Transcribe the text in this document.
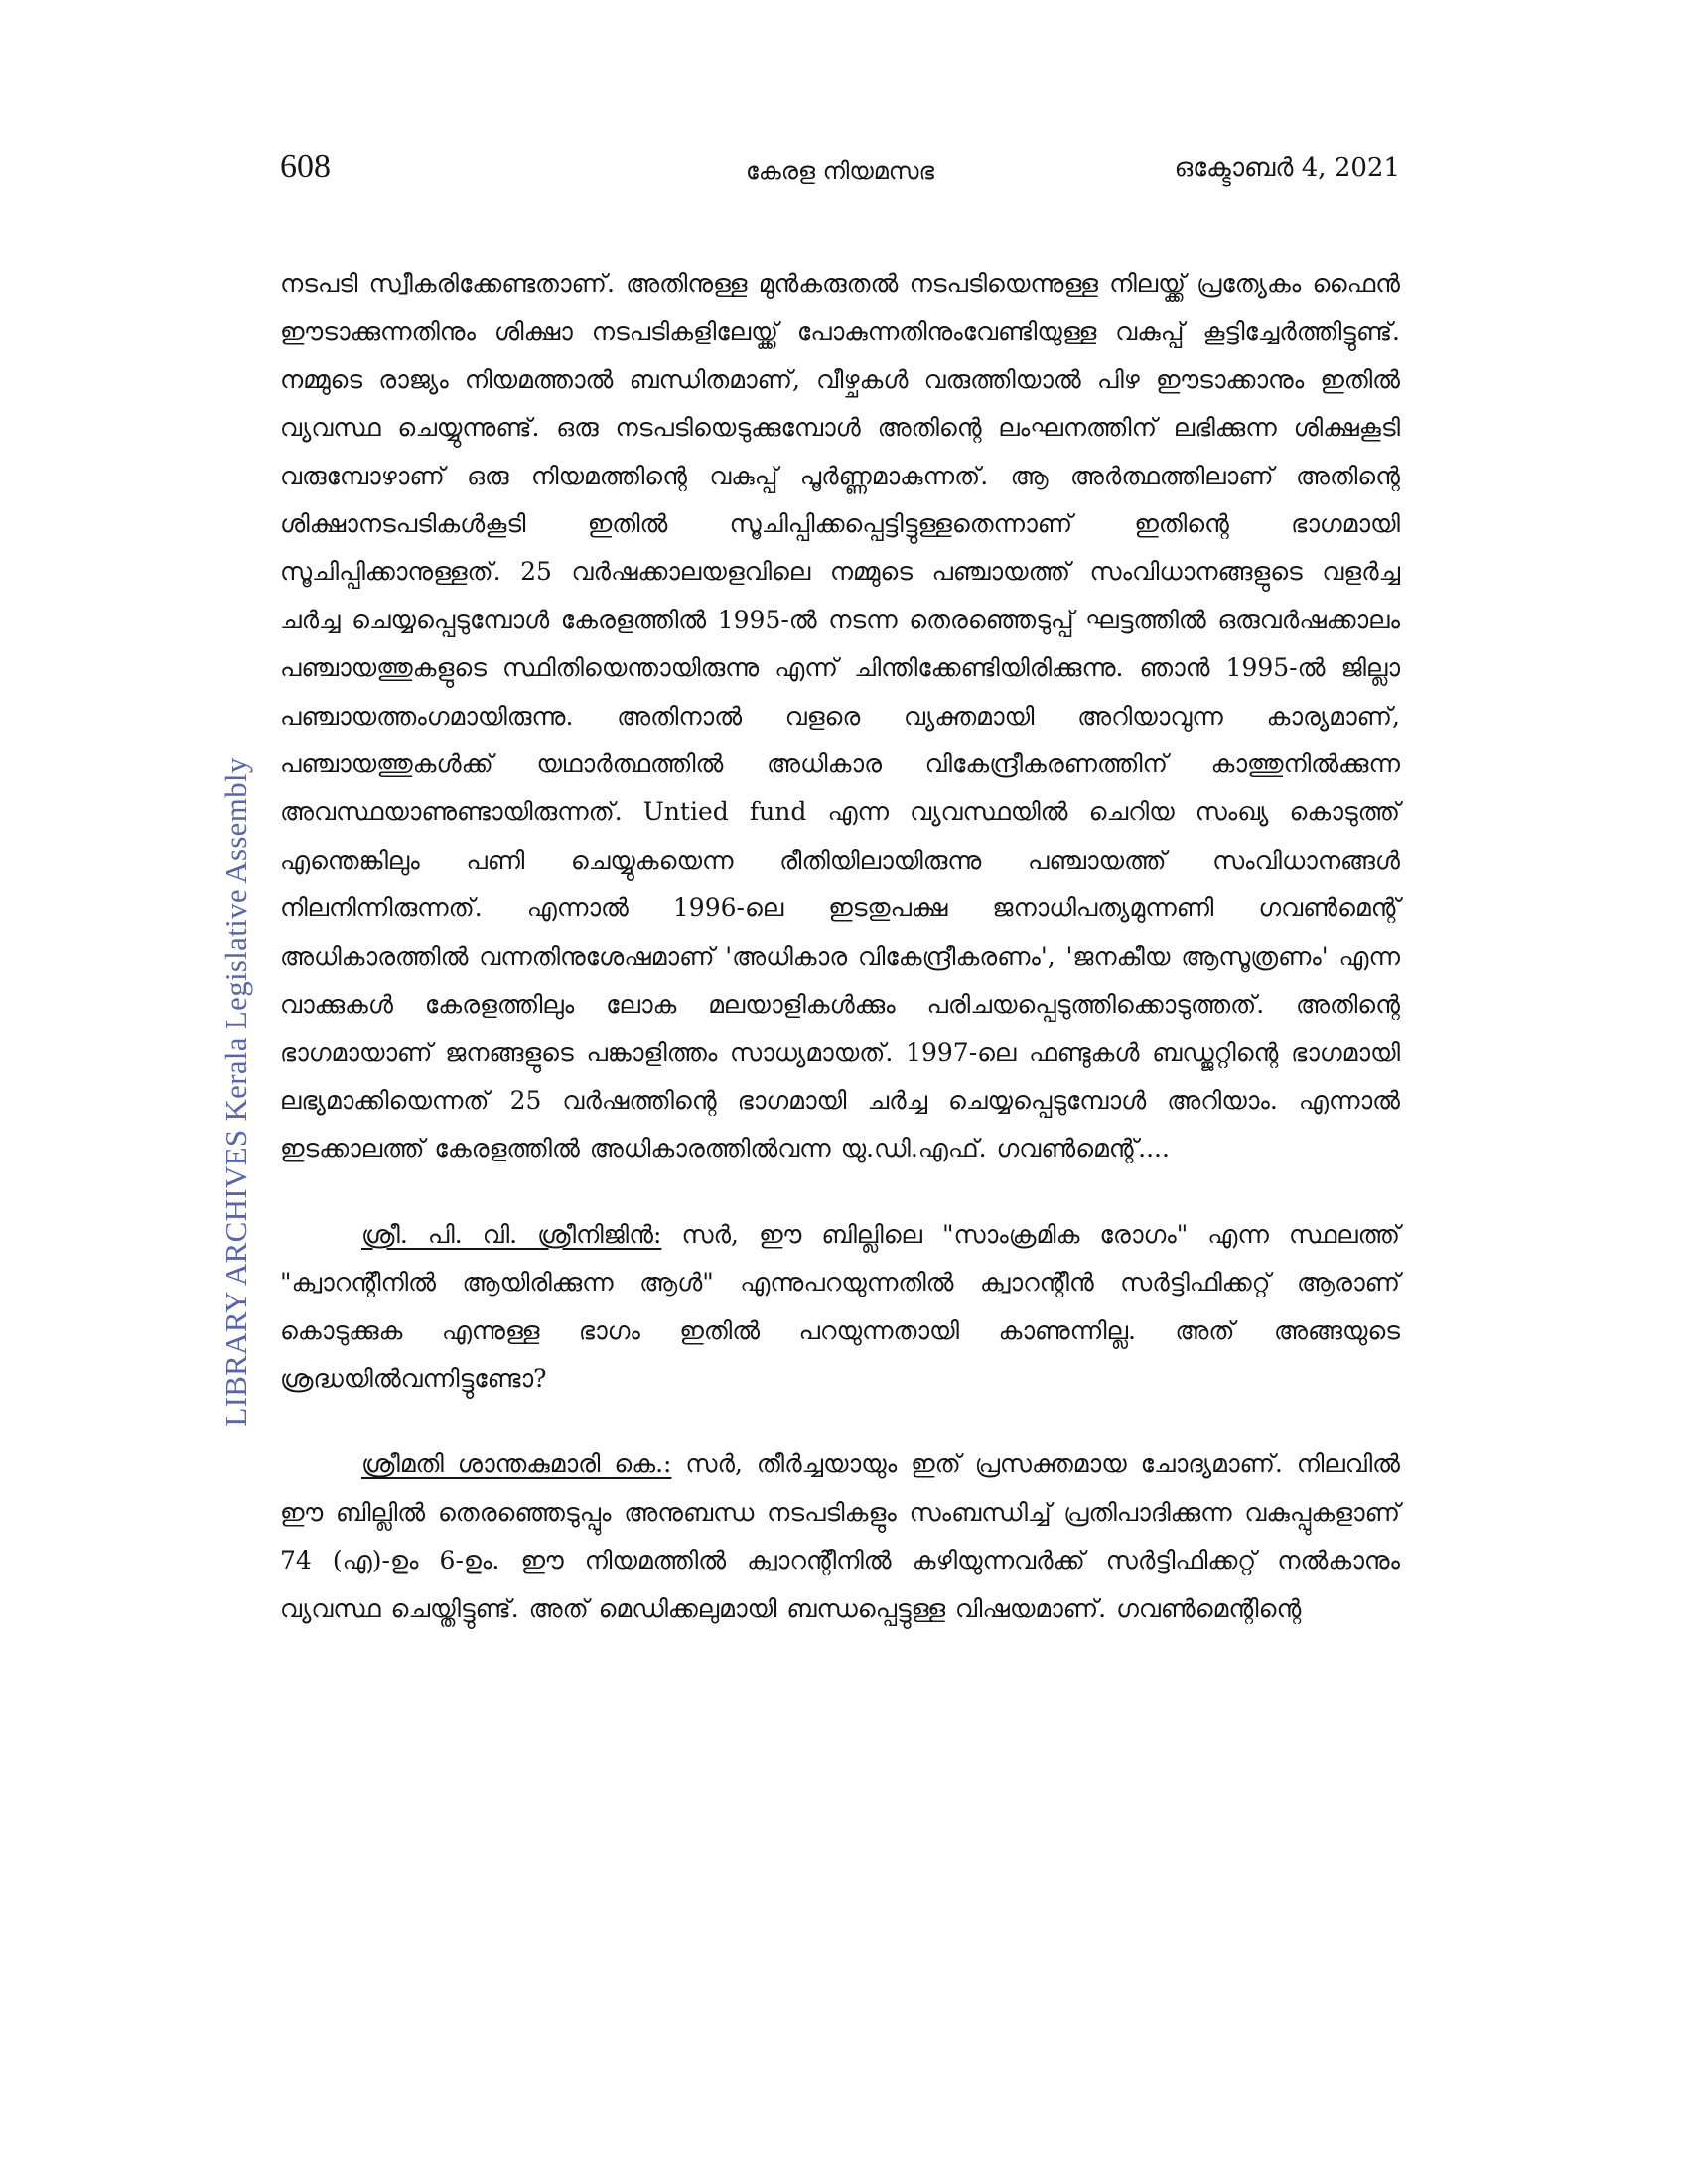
608	കേരള നിയമസഭ	ഒക്ടോബർ 4, 2021
LIBRARY ARCHIVES Kerala Legislative Assembly

നടപടി സ്വീകരിക്കേണ്ടതാണ്. അതിനുള്ള മുൻകരുതൽ നടപടിയെന്നുള്ള നിലയ്ക്ക് പ്രത്യേകം ഫൈൻ ഈടാക്കുന്നതിനും ശിക്ഷാ നടപടികളിലേയ്ക്ക് പോകുന്നതിനുംവേണ്ടിയുള്ള വകുപ്പ് കൂട്ടിച്ചേർത്തിട്ടുണ്ട്. നമ്മുടെ രാജ്യം നിയമത്താൽ ബന്ധിതമാണ്, വീഴ്ചകൾ വരുത്തിയാൽ പിഴ ഈടാക്കാനും ഇതിൽ വ്യവസ്ഥ ചെയ്യുന്നുണ്ട്. ഒരു നടപടിയെടുക്കുമ്പോൾ അതിന്റെ ലംഘനത്തിന് ലഭിക്കുന്ന ശിക്ഷകൂടി വരുമ്പോഴാണ് ഒരു നിയമത്തിന്റെ വകുപ്പ് പൂർണ്ണമാകുന്നത്. ആ അർത്ഥത്തിലാണ് അതിന്റെ ശിക്ഷാനടപടികൾകൂടി ഇതിൽ സൂചിപ്പിക്കപ്പെട്ടിട്ടുള്ളതെന്നാണ് ഇതിന്റെ ഭാഗമായി സൂചിപ്പിക്കാനുള്ളത്. 25 വർഷക്കാലയളവിലെ നമ്മുടെ പഞ്ചായത്ത് സംവിധാനങ്ങളുടെ വളർച്ച ചർച്ച ചെയ്യപ്പെടുമ്പോൾ കേരളത്തിൽ 1995-ൽ നടന്ന തെരഞ്ഞെടുപ്പ് ഘട്ടത്തിൽ ഒരുവർഷക്കാലം പഞ്ചായത്തുകളുടെ സ്ഥിതിയെന്തായിരുന്നു എന്ന് ചിന്തിക്കേണ്ടിയിരിക്കുന്നു. ഞാൻ 1995-ൽ ജില്ലാ പഞ്ചായത്തംഗമായിരുന്നു. അതിനാൽ വളരെ വ്യക്തമായി അറിയാവുന്ന കാര്യമാണ്, പഞ്ചായത്തുകൾക്ക് യഥാർത്ഥത്തിൽ അധികാര വികേന്ദ്രീകരണത്തിന് കാത്തുനിൽക്കുന്ന അവസ്ഥയാണുണ്ടായിരുന്നത്. Untied fund എന്ന വ്യവസ്ഥയിൽ ചെറിയ സംഖ്യ കൊടുത്ത് എന്തെങ്കിലും പണി ചെയ്യുകയെന്ന രീതിയിലായിരുന്നു പഞ്ചായത്ത് സംവിധാനങ്ങൾ നിലനിന്നിരുന്നത്. എന്നാൽ 1996-ലെ ഇടതുപക്ഷ ജനാധിപത്യമുന്നണി ഗവൺമെന്റ് അധികാരത്തിൽ വന്നതിനുശേഷമാണ് 'അധികാര വികേന്ദ്രീകരണം', 'ജനകീയ ആസൂത്രണം' എന്ന വാക്കുകൾ കേരളത്തിലും ലോക മലയാളികൾക്കും പരിചയപ്പെടുത്തിക്കൊടുത്തത്. അതിന്റെ ഭാഗമായാണ് ജനങ്ങളുടെ പങ്കാളിത്തം സാധ്യമായത്. 1997-ലെ ഫണ്ടുകൾ ബഡ്ജറ്റിന്റെ ഭാഗമായി ലഭ്യമാക്കിയെന്നത് 25 വർഷത്തിന്റെ ഭാഗമായി ചർച്ച ചെയ്യപ്പെടുമ്പോൾ അറിയാം. എന്നാൽ ഇടക്കാലത്ത് കേരളത്തിൽ അധികാരത്തിൽവന്ന യു.ഡി.എഫ്. ഗവൺമെന്റ്....

ശ്രീ. പി. വി. ശ്രീനിജിൻ: സർ, ഈ ബില്ലിലെ "സാംക്രമിക രോഗം" എന്ന സ്ഥലത്ത് "ക്വാറന്റീനിൽ ആയിരിക്കുന്ന ആൾ" എന്നുപറയുന്നതിൽ ക്വാറന്റീൻ സർട്ടിഫിക്കറ്റ് ആരാണ് കൊടുക്കുക എന്നുള്ള ഭാഗം ഇതിൽ പറയുന്നതായി കാണുന്നില്ല. അത് അങ്ങയുടെ ശ്രദ്ധയിൽവന്നിട്ടുണ്ടോ?

ശ്രീമതി ശാന്തകുമാരി കെ.: സർ, തീർച്ചയായും ഇത് പ്രസക്തമായ ചോദ്യമാണ്. നിലവിൽ ഈ ബില്ലിൽ തെരഞ്ഞെടുപ്പും അനുബന്ധ നടപടികളും സംബന്ധിച്ച് പ്രതിപാദിക്കുന്ന വകുപ്പുകളാണ് 74 (എ)-ഉം 6-ഉം. ഈ നിയമത്തിൽ ക്വാറന്റീനിൽ കഴിയുന്നവർക്ക് സർട്ടിഫിക്കറ്റ് നൽകാനും വ്യവസ്ഥ ചെയ്തിട്ടുണ്ട്. അത് മെഡിക്കലുമായി ബന്ധപ്പെട്ടുള്ള വിഷയമാണ്. ഗവൺമെന്റിന്റെ
